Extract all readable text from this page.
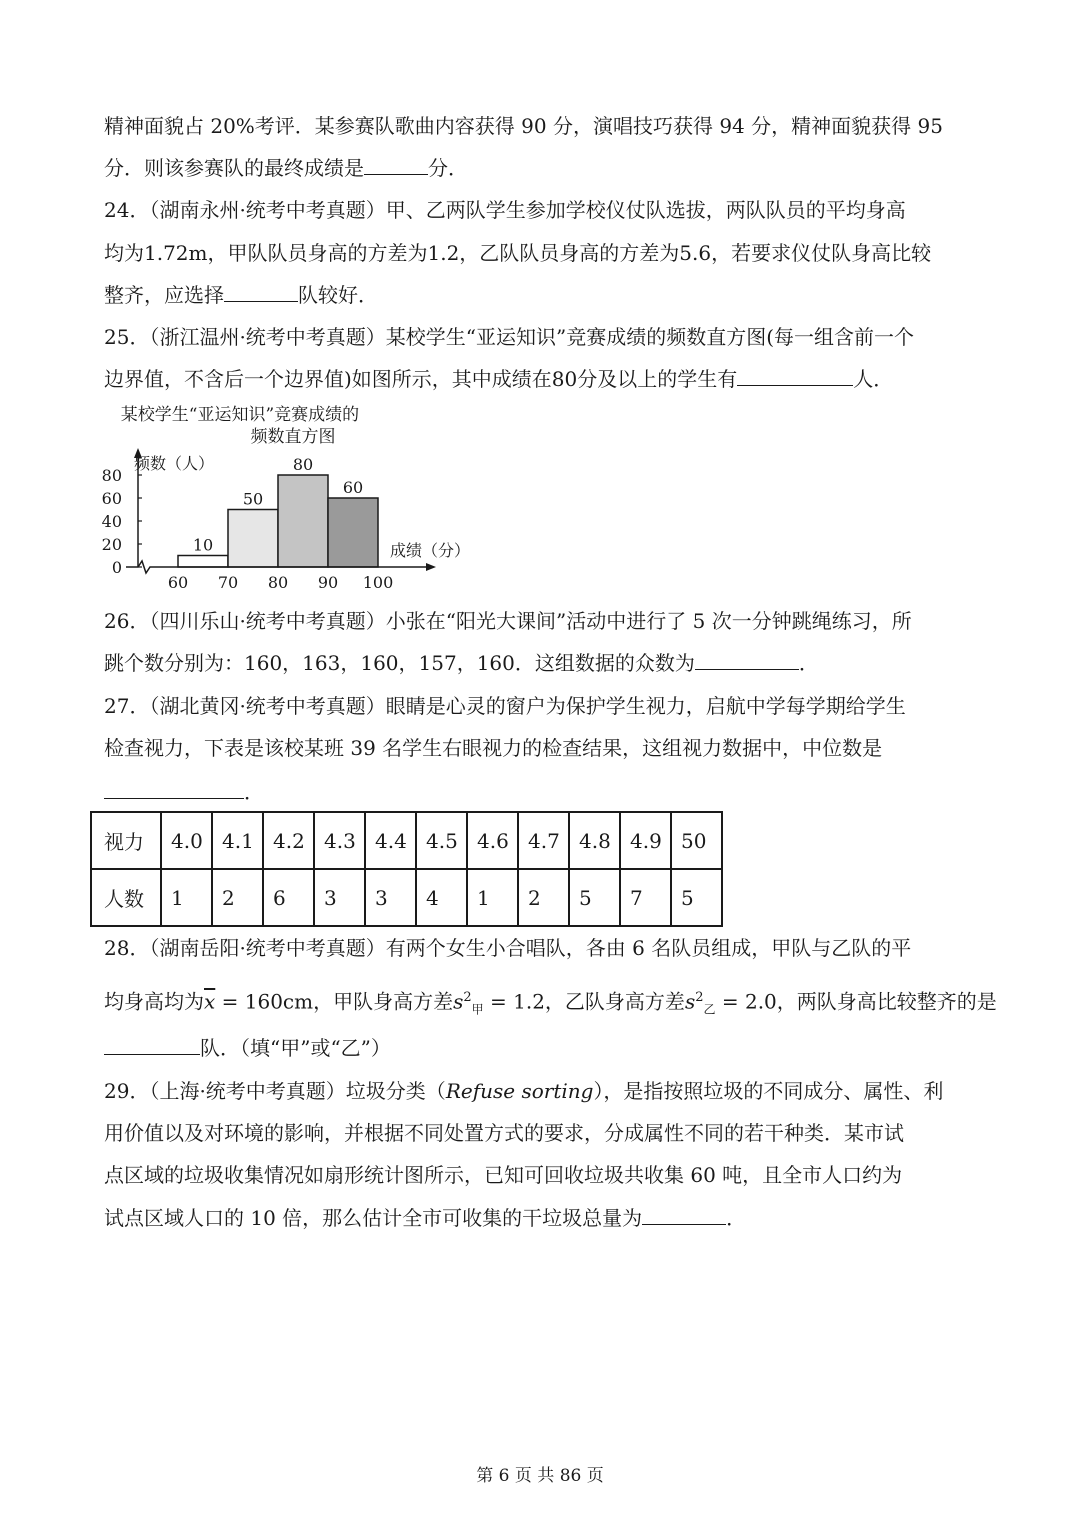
精神面貌占 20%考评．某参赛队歌曲内容获得 90 分，演唱技巧获得 94 分，精神面貌获得 95
分．则该参赛队的最终成绩是	分．
24．（湖南永州·统考中考真题）甲、乙两队学生参加学校仪仗队选拔，两队队员的平均身高
均为1.72m，甲队队员身高的方差为1.2，乙队队员身高的方差为5.6，若要求仪仗队身高比较
整齐，应选择	队较好．
25．（浙江温州·统考中考真题）某校学生“亚运知识”竞赛成绩的频数直方图(每一组含前一个
边界值，不含后一个边界值)如图所示，其中成绩在80分及以上的学生有	人．
某校学生“亚运知识”竞赛成绩的
频数直方图
频数（人）
成绩（分）
0
20
40
60
80
60 70 80 90 100
10
50
80
60
26．（四川乐山·统考中考真题）小张在“阳光大课间”活动中进行了 5 次一分钟跳绳练习，所
跳个数分别为：160，163，160，157，160．这组数据的众数为	．
27．（湖北黄冈·统考中考真题）眼睛是心灵的窗户为保护学生视力，启航中学每学期给学生
检查视力，下表是该校某班 39 名学生右眼视力的检查结果，这组视力数据中，中位数是
．
视力	4.0	4.1	4.2	4.3	4.4	4.5	4.6	4.7	4.8	4.9	50
人数	1	2	6	3	3	4	1	2	5	7	5
28．（湖南岳阳·统考中考真题）有两个女生小合唱队，各由 6 名队员组成，甲队与乙队的平
均身高均为$\overline{x} = 160cm$，甲队身高方差$s^2_甲 = 1.2$，乙队身高方差$s^2_乙 = 2.0$，两队身高比较整齐的是
队．（填“甲”或“乙”）
29．（上海·统考中考真题）垃圾分类（Refuse sorting），是指按照垃圾的不同成分、属性、利
用价值以及对环境的影响，并根据不同处置方式的要求，分成属性不同的若干种类．某市试
点区域的垃圾收集情况如扇形统计图所示，已知可回收垃圾共收集 60 吨，且全市人口约为
试点区域人口的 10 倍，那么估计全市可收集的干垃圾总量为	．
第 6 页 共 86 页
